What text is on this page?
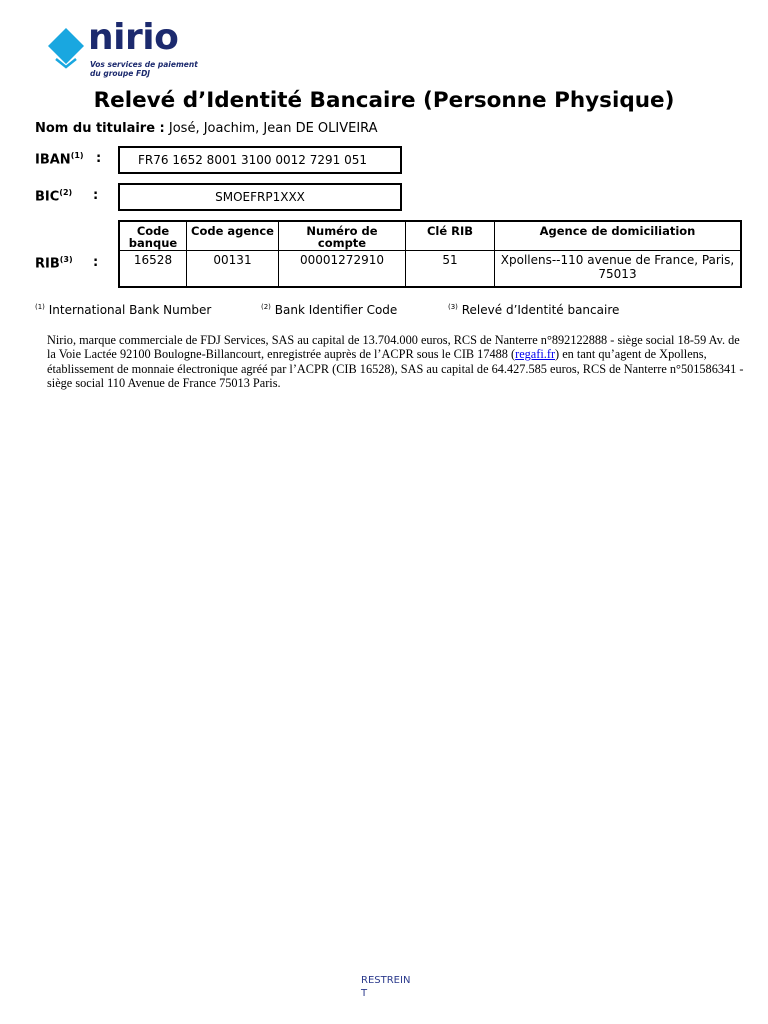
nirio
Vos services de paiement
du groupe FDJ
Relevé d’Identité Bancaire (Personne Physique)
Nom du titulaire : José, Joachim, Jean DE OLIVEIRA
IBAN$^{(1)}$ :	FR76 1652 8001 3100 0012 7291 051
BIC$^{(2)}$ :	SMOEFRP1XXX
RIB$^{(3)}$ :
Code banque	Code agence	Numéro de compte	Clé RIB	Agence de domiciliation
16528	00131	00001272910	51	Xpollens--110 avenue de France, Paris, 75013
$^{(1)}$ International Bank Number	$^{(2)}$ Bank Identifier Code	$^{(3)}$ Relevé d’Identité bancaire

Nirio, marque commerciale de FDJ Services, SAS au capital de 13.704.000 euros, RCS de Nanterre n°892122888 - siège social 18-59 Av. de la Voie Lactée 92100 Boulogne-Billancourt, enregistrée auprès de l’ACPR sous le CIB 17488 (regafi.fr) en tant qu’agent de Xpollens, établissement de monnaie électronique agréé par l’ACPR (CIB 16528), SAS au capital de 64.427.585 euros, RCS de Nanterre n°501586341 - siège social 110 Avenue de France 75013 Paris.

RESTREINT
